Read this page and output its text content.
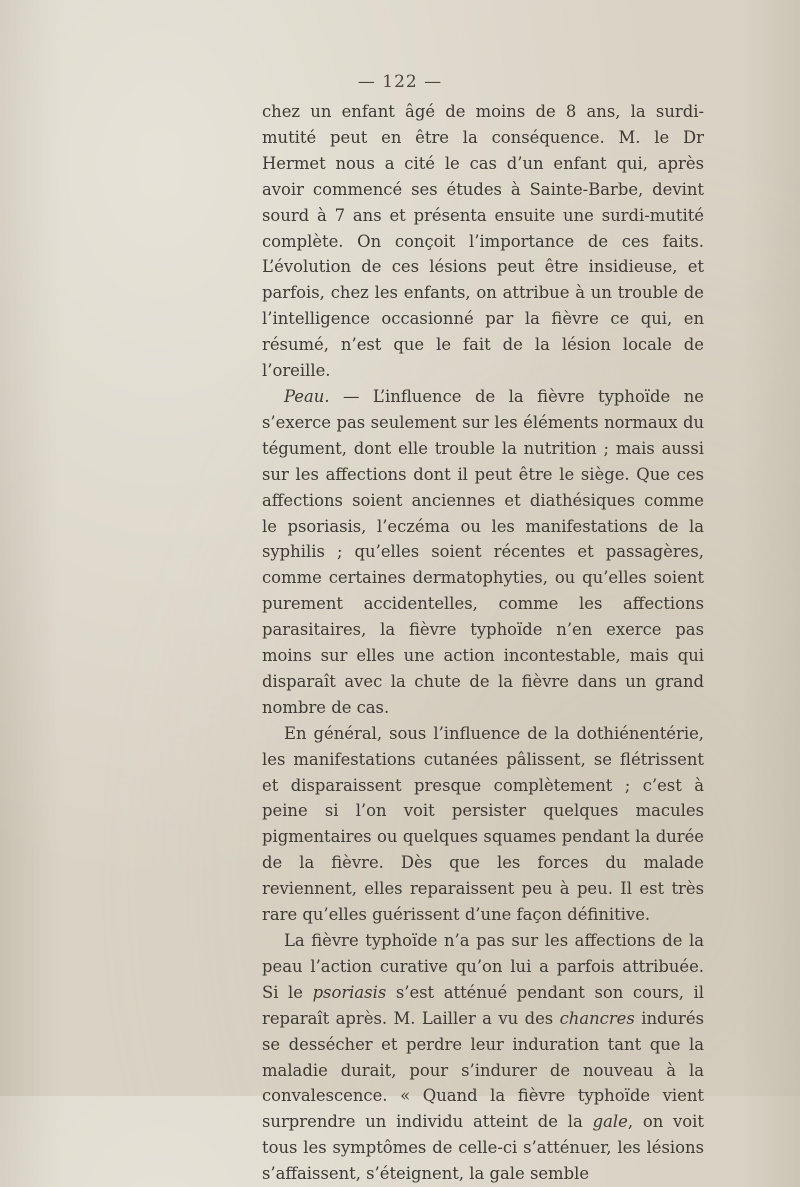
— 122 —

chez un enfant âgé de moins de 8 ans, la surdi-mutité peut en être la conséquence. M. le Dr Hermet nous a cité le cas d’un enfant qui, après avoir commencé ses études à Sainte-Barbe, devint sourd à 7 ans et présenta ensuite une surdi-mutité complète. On conçoit l’importance de ces faits. L’évolution de ces lésions peut être insidieuse, et parfois, chez les enfants, on attribue à un trouble de l’intelligence occasionné par la fièvre ce qui, en résumé, n’est que le fait de la lésion locale de l’oreille.

Peau. — L’influence de la fièvre typhoïde ne s’exerce pas seulement sur les éléments normaux du tégument, dont elle trouble la nutrition ; mais aussi sur les affections dont il peut être le siège. Que ces affections soient anciennes et diathésiques comme le psoriasis, l’eczéma ou les manifestations de la syphilis ; qu’elles soient récentes et passagères, comme certaines dermatophyties, ou qu’elles soient purement accidentelles, comme les affections parasitaires, la fièvre typhoïde n’en exerce pas moins sur elles une action incontestable, mais qui disparaît avec la chute de la fièvre dans un grand nombre de cas.

En général, sous l’influence de la dothiénentérie, les manifestations cutanées pâlissent, se flétrissent et disparaissent presque complètement ; c’est à peine si l’on voit persister quelques macules pigmentaires ou quelques squames pendant la durée de la fièvre. Dès que les forces du malade reviennent, elles reparaissent peu à peu. Il est très rare qu’elles guérissent d’une façon définitive.

La fièvre typhoïde n’a pas sur les affections de la peau l’action curative qu’on lui a parfois attribuée. Si le psoriasis s’est atténué pendant son cours, il reparaît après. M. Lailler a vu des chancres indurés se dessécher et perdre leur induration tant que la maladie durait, pour s’indurer de nouveau à la convalescence. « Quand la fièvre typhoïde vient surprendre un individu atteint de la gale, on voit tous les symptômes de celle-ci s’atténuer, les lésions s’affaissent, s’éteignent, la gale semble
